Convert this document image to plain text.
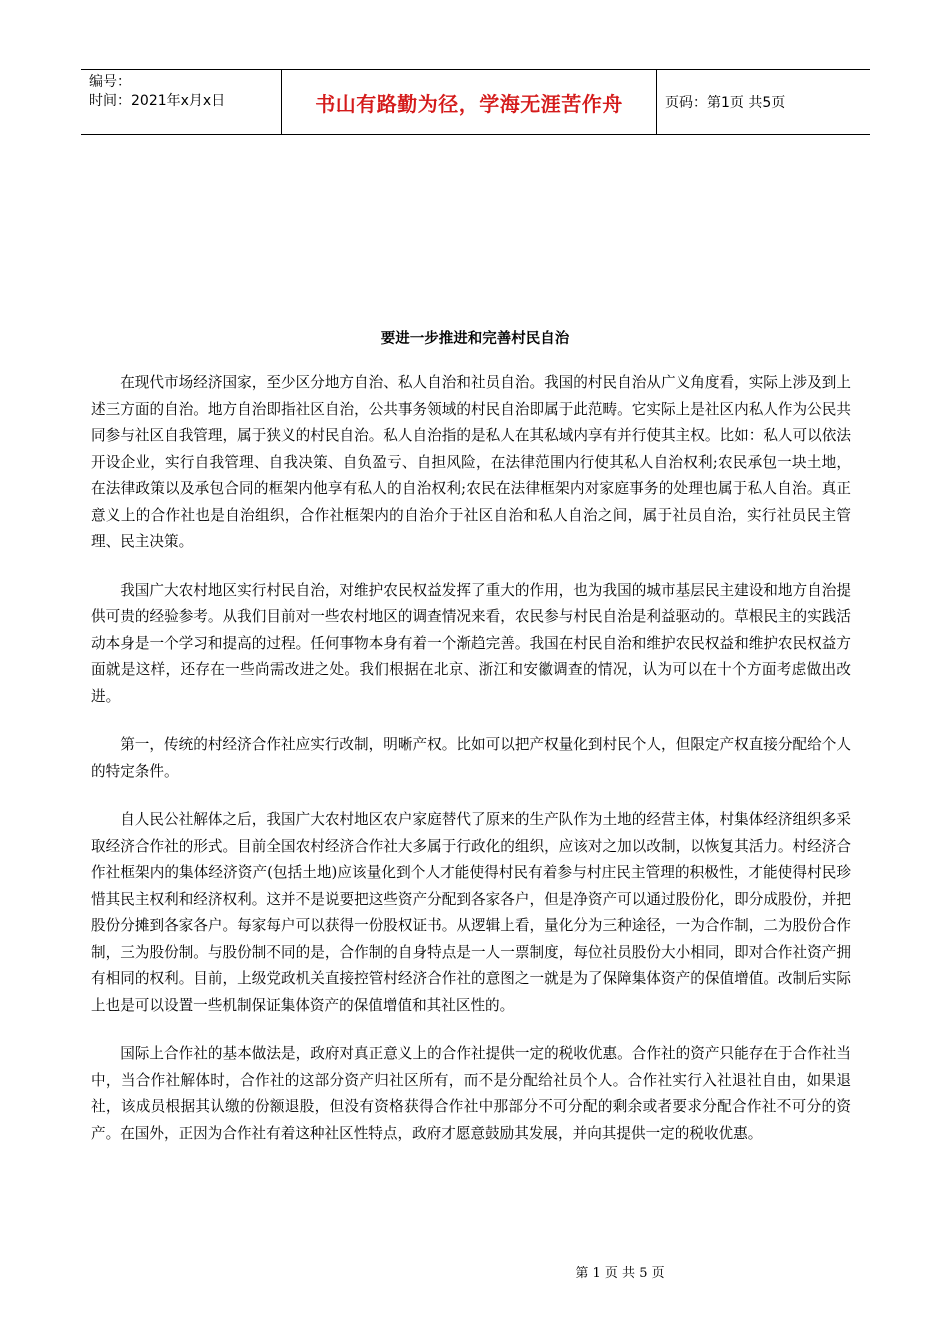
编号：
时间：2021年x月x日	书山有路勤为径，学海无涯苦作舟	页码：第1页 共5页
要进一步推进和完善村民自治

在现代市场经济国家，至少区分地方自治、私人自治和社员自治。我国的村民自治从广义角度看，实际上涉及到上述三方面的自治。地方自治即指社区自治，公共事务领域的村民自治即属于此范畴。它实际上是社区内私人作为公民共同参与社区自我管理，属于狭义的村民自治。私人自治指的是私人在其私域内享有并行使其主权。比如：私人可以依法开设企业，实行自我管理、自我决策、自负盈亏、自担风险，在法律范围内行使其私人自治权利;农民承包一块土地，在法律政策以及承包合同的框架内他享有私人的自治权利;农民在法律框架内对家庭事务的处理也属于私人自治。真正意义上的合作社也是自治组织，合作社框架内的自治介于社区自治和私人自治之间，属于社员自治，实行社员民主管理、民主决策。

我国广大农村地区实行村民自治，对维护农民权益发挥了重大的作用，也为我国的城市基层民主建设和地方自治提供可贵的经验参考。从我们目前对一些农村地区的调查情况来看，农民参与村民自治是利益驱动的。草根民主的实践活动本身是一个学习和提高的过程。任何事物本身有着一个渐趋完善。我国在村民自治和维护农民权益和维护农民权益方面就是这样，还存在一些尚需改进之处。我们根据在北京、浙江和安徽调查的情况，认为可以在十个方面考虑做出改进。

第一，传统的村经济合作社应实行改制，明晰产权。比如可以把产权量化到村民个人，但限定产权直接分配给个人的特定条件。

自人民公社解体之后，我国广大农村地区农户家庭替代了原来的生产队作为土地的经营主体，村集体经济组织多采取经济合作社的形式。目前全国农村经济合作社大多属于行政化的组织，应该对之加以改制，以恢复其活力。村经济合作社框架内的集体经济资产(包括土地)应该量化到个人才能使得村民有着参与村庄民主管理的积极性，才能使得村民珍惜其民主权利和经济权利。这并不是说要把这些资产分配到各家各户，但是净资产可以通过股份化，即分成股份，并把股份分摊到各家各户。每家每户可以获得一份股权证书。从逻辑上看，量化分为三种途径，一为合作制，二为股份合作制，三为股份制。与股份制不同的是，合作制的自身特点是一人一票制度，每位社员股份大小相同，即对合作社资产拥有相同的权利。目前，上级党政机关直接控管村经济合作社的意图之一就是为了保障集体资产的保值增值。改制后实际上也是可以设置一些机制保证集体资产的保值增值和其社区性的。

国际上合作社的基本做法是，政府对真正意义上的合作社提供一定的税收优惠。合作社的资产只能存在于合作社当中，当合作社解体时，合作社的这部分资产归社区所有，而不是分配给社员个人。合作社实行入社退社自由，如果退社，该成员根据其认缴的份额退股，但没有资格获得合作社中那部分不可分配的剩余或者要求分配合作社不可分的资产。在国外，正因为合作社有着这种社区性特点，政府才愿意鼓励其发展，并向其提供一定的税收优惠。

第 1 页 共 5 页
